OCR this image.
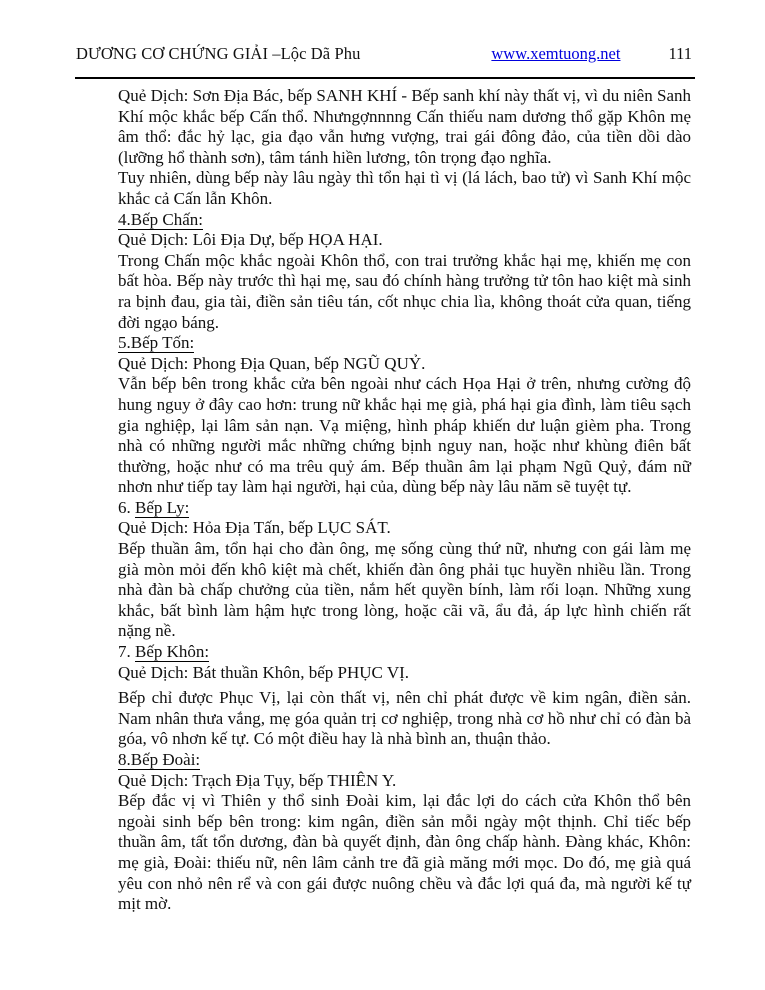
DƯƠNG CƠ CHỨNG GIẢI –Lộc Dã Phu	www.xemtuong.net	111

Quẻ Dịch: Sơn Địa Bác, bếp SANH KHÍ - Bếp sanh khí này thất vị, vì du niên Sanh Khí mộc khắc bếp Cấn thổ. Nhưngợnnnng Cấn thiếu nam dương thổ gặp Khôn mẹ âm thổ: đắc hỷ lạc, gia đạo vẫn hưng vượng, trai gái đông đảo, của tiền dồi dào (lưỡng hổ thành sơn), tâm tánh hiền lương, tôn trọng đạo nghĩa.

Tuy nhiên, dùng bếp này lâu ngày thì tổn hại tì vị (lá lách, bao tử) vì Sanh Khí mộc khắc cả Cấn lẫn Khôn.

4.Bếp Chấn:

Quẻ Dịch: Lôi Địa Dự, bếp HỌA HẠI.

Trong Chấn mộc khắc ngoài Khôn thổ, con trai trưởng khắc hại mẹ, khiến mẹ con bất hòa. Bếp này trước thì hại mẹ, sau đó chính hàng trưởng tử tôn hao kiệt mà sinh ra bịnh đau, gia tài, điền sản tiêu tán, cốt nhục chia lìa, không thoát cửa quan, tiếng đời ngạo báng.

5.Bếp Tốn:

Quẻ Dịch: Phong Địa Quan, bếp NGŨ QUỶ.

Vẫn bếp bên trong khắc cửa bên ngoài như cách Họa Hại ở trên, nhưng cường độ hung nguy ở đây cao hơn: trung nữ khắc hại mẹ già, phá hại gia đình, làm tiêu sạch gia nghiệp, lại lâm sản nạn. Vạ miệng, hình pháp khiến dư luận gièm pha. Trong nhà có những người mắc những chứng bịnh nguy nan, hoặc như khùng điên bất thường, hoặc như có ma trêu quỷ ám. Bếp thuần âm lại phạm Ngũ Quỷ, đám nữ nhơn như tiếp tay làm hại người, hại của, dùng bếp này lâu năm sẽ tuyệt tự.

6. Bếp Ly:

Quẻ Dịch: Hỏa Địa Tấn, bếp LỤC SÁT.

Bếp thuần âm, tổn hại cho đàn ông, mẹ sống cùng thứ nữ, nhưng con gái làm mẹ già mòn mỏi đến khô kiệt mà chết, khiến đàn ông phải tục huyền nhiều lần. Trong nhà đàn bà chấp chưởng của tiền, nắm hết quyền bính, làm rối loạn. Những xung khắc, bất bình làm hậm hực trong lòng, hoặc cãi vã, ẩu đả, áp lực hình chiến rất nặng nề.

7. Bếp Khôn:

Quẻ Dịch: Bát thuần Khôn, bếp PHỤC VỊ.

Bếp chỉ được Phục Vị, lại còn thất vị, nên chỉ phát được về kim ngân, điền sản. Nam nhân thưa vắng, mẹ góa quản trị cơ nghiệp, trong nhà cơ hồ như chỉ có đàn bà góa, vô nhơn kế tự. Có một điều hay là nhà bình an, thuận thảo.

8.Bếp Đoài:

Quẻ Dịch: Trạch Địa Tụy, bếp THIÊN Y.

Bếp đắc vị vì Thiên y thổ sinh Đoài kim, lại đắc lợi do cách cửa Khôn thổ bên ngoài sinh bếp bên trong: kim ngân, điền sản mỗi ngày một thịnh. Chỉ tiếc bếp thuần âm, tất tổn dương, đàn bà quyết định, đàn ông chấp hành. Đàng khác, Khôn: mẹ già, Đoài: thiếu nữ, nên lâm cảnh tre đã già măng mới mọc. Do đó, mẹ già quá yêu con nhỏ nên rể và con gái được nuông chều và đắc lợi quá đa, mà người kế tự mịt mờ.
